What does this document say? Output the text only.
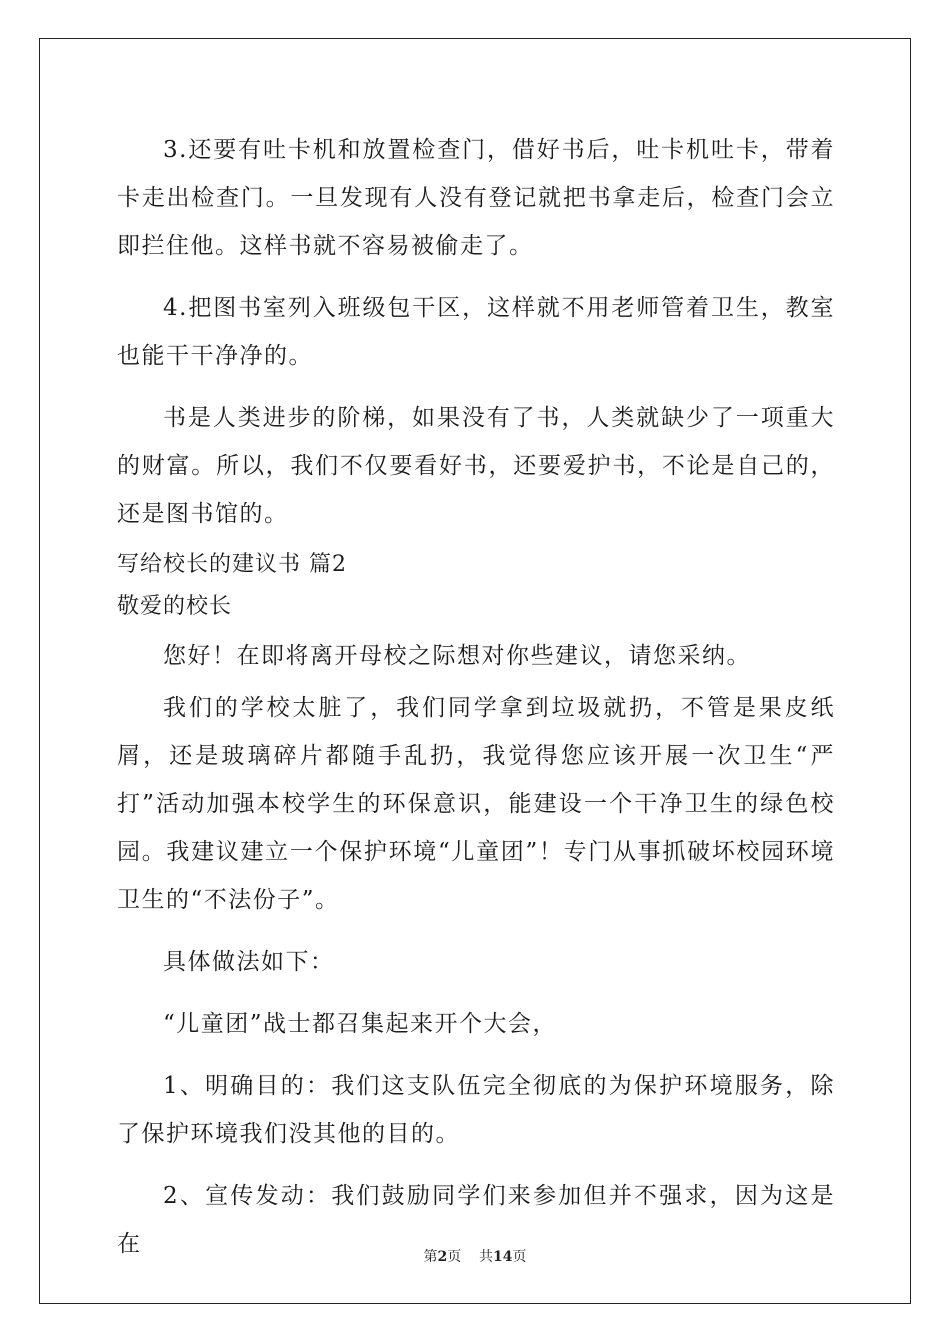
3.还要有吐卡机和放置检查门，借好书后，吐卡机吐卡，带着卡走出检查门。一旦发现有人没有登记就把书拿走后，检查门会立即拦住他。这样书就不容易被偷走了。

4.把图书室列入班级包干区，这样就不用老师管着卫生，教室也能干干净净的。

书是人类进步的阶梯，如果没有了书，人类就缺少了一项重大的财富。所以，我们不仅要看好书，还要爱护书，不论是自己的，还是图书馆的。

写给校长的建议书 篇2

敬爱的校长

您好！在即将离开母校之际想对你些建议，请您采纳。

我们的学校太脏了，我们同学拿到垃圾就扔，不管是果皮纸屑，还是玻璃碎片都随手乱扔，我觉得您应该开展一次卫生“严打”活动加强本校学生的环保意识，能建设一个干净卫生的绿色校园。我建议建立一个保护环境“儿童团”！专门从事抓破坏校园环境卫生的“不法份子”。

具体做法如下：

“儿童团”战士都召集起来开个大会，

1、明确目的：我们这支队伍完全彻底的为保护环境服务，除了保护环境我们没其他的目的。

2、宣传发动：我们鼓励同学们来参加但并不强求，因为这是在	第2页 共14页
